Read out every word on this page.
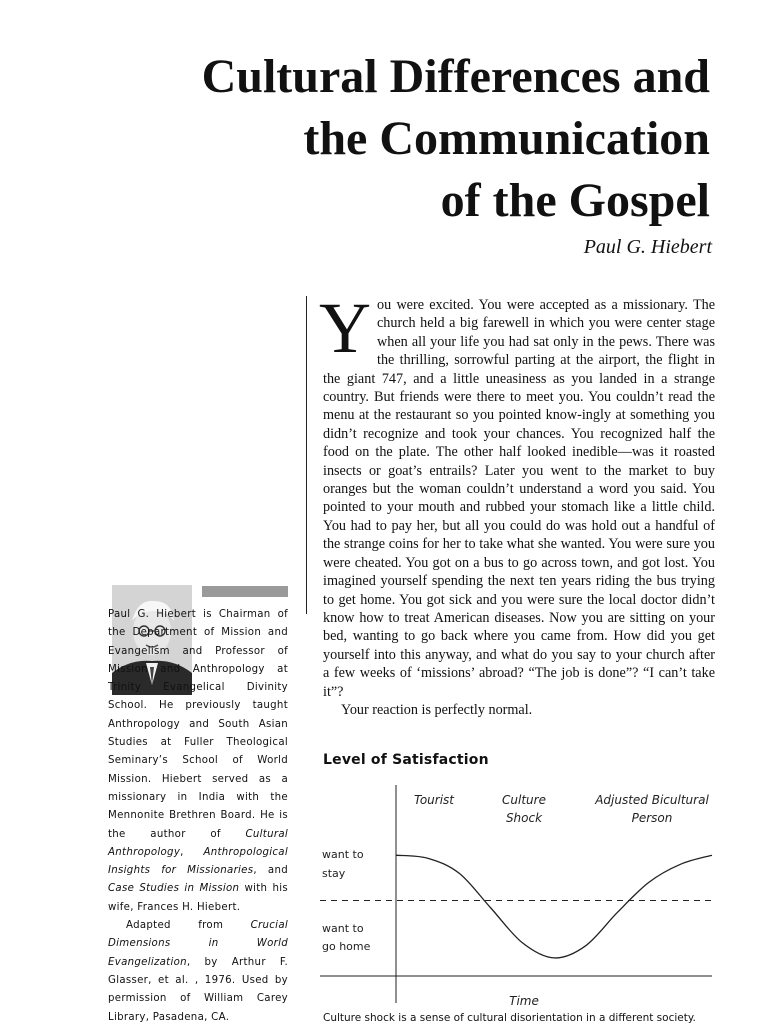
Cultural Differences and
the Communication
of the Gospel
Paul G. Hiebert

You were excited. You were accepted as a missionary. The church held a big farewell in which you were center stage when all your life you had sat only in the pews. There was the thrilling, sorrowful parting at the airport, the flight in the giant 747, and a little uneasiness as you landed in a strange country. But friends were there to meet you. You couldn’t read the menu at the restaurant so you pointed know-ingly at something you didn’t recognize and took your chances. You recognized half the food on the plate. The other half looked inedible—was it roasted insects or goat’s entrails? Later you went to the market to buy oranges but the woman couldn’t understand a word you said. You pointed to your mouth and rubbed your stomach like a little child. You had to pay her, but all you could do was hold out a handful of the strange coins for her to take what she wanted. You were sure you were cheated. You got on a bus to go across town, and got lost. You imagined yourself spending the next ten years riding the bus trying to get home. You got sick and you were sure the local doctor didn’t know how to treat American diseases. Now you are sitting on your bed, wanting to go back where you came from. How did you get yourself into this anyway, and what do you say to your church after a few weeks of ‘missions’ abroad? “The job is done”? “I can’t take it”?

Your reaction is perfectly normal.

Paul G. Hiebert is Chairman of the Department of Mission and Evangelism and Professor of Mission and Anthropology at Trinity Evangelical Divinity School. He previously taught Anthropology and South Asian Studies at Fuller Theological Seminary’s School of World Mission. Hiebert served as a missionary in India with the Mennonite Brethren Board. He is the author of Cultural Anthropology, Anthropological Insights for Missionaries, and Case Studies in Mission with his wife, Frances H. Hiebert.

Adapted from Crucial Dimensions in World Evangelization, by Arthur F. Glasser, et al. , 1976. Used by permission of William Carey Library, Pasadena, CA.

Level of Satisfaction
Tourist	Culture
Shock
Adjusted Bicultural
Person
want to
stay
want to
go home
Time
Culture shock is a sense of cultural disorientation in a different society.
